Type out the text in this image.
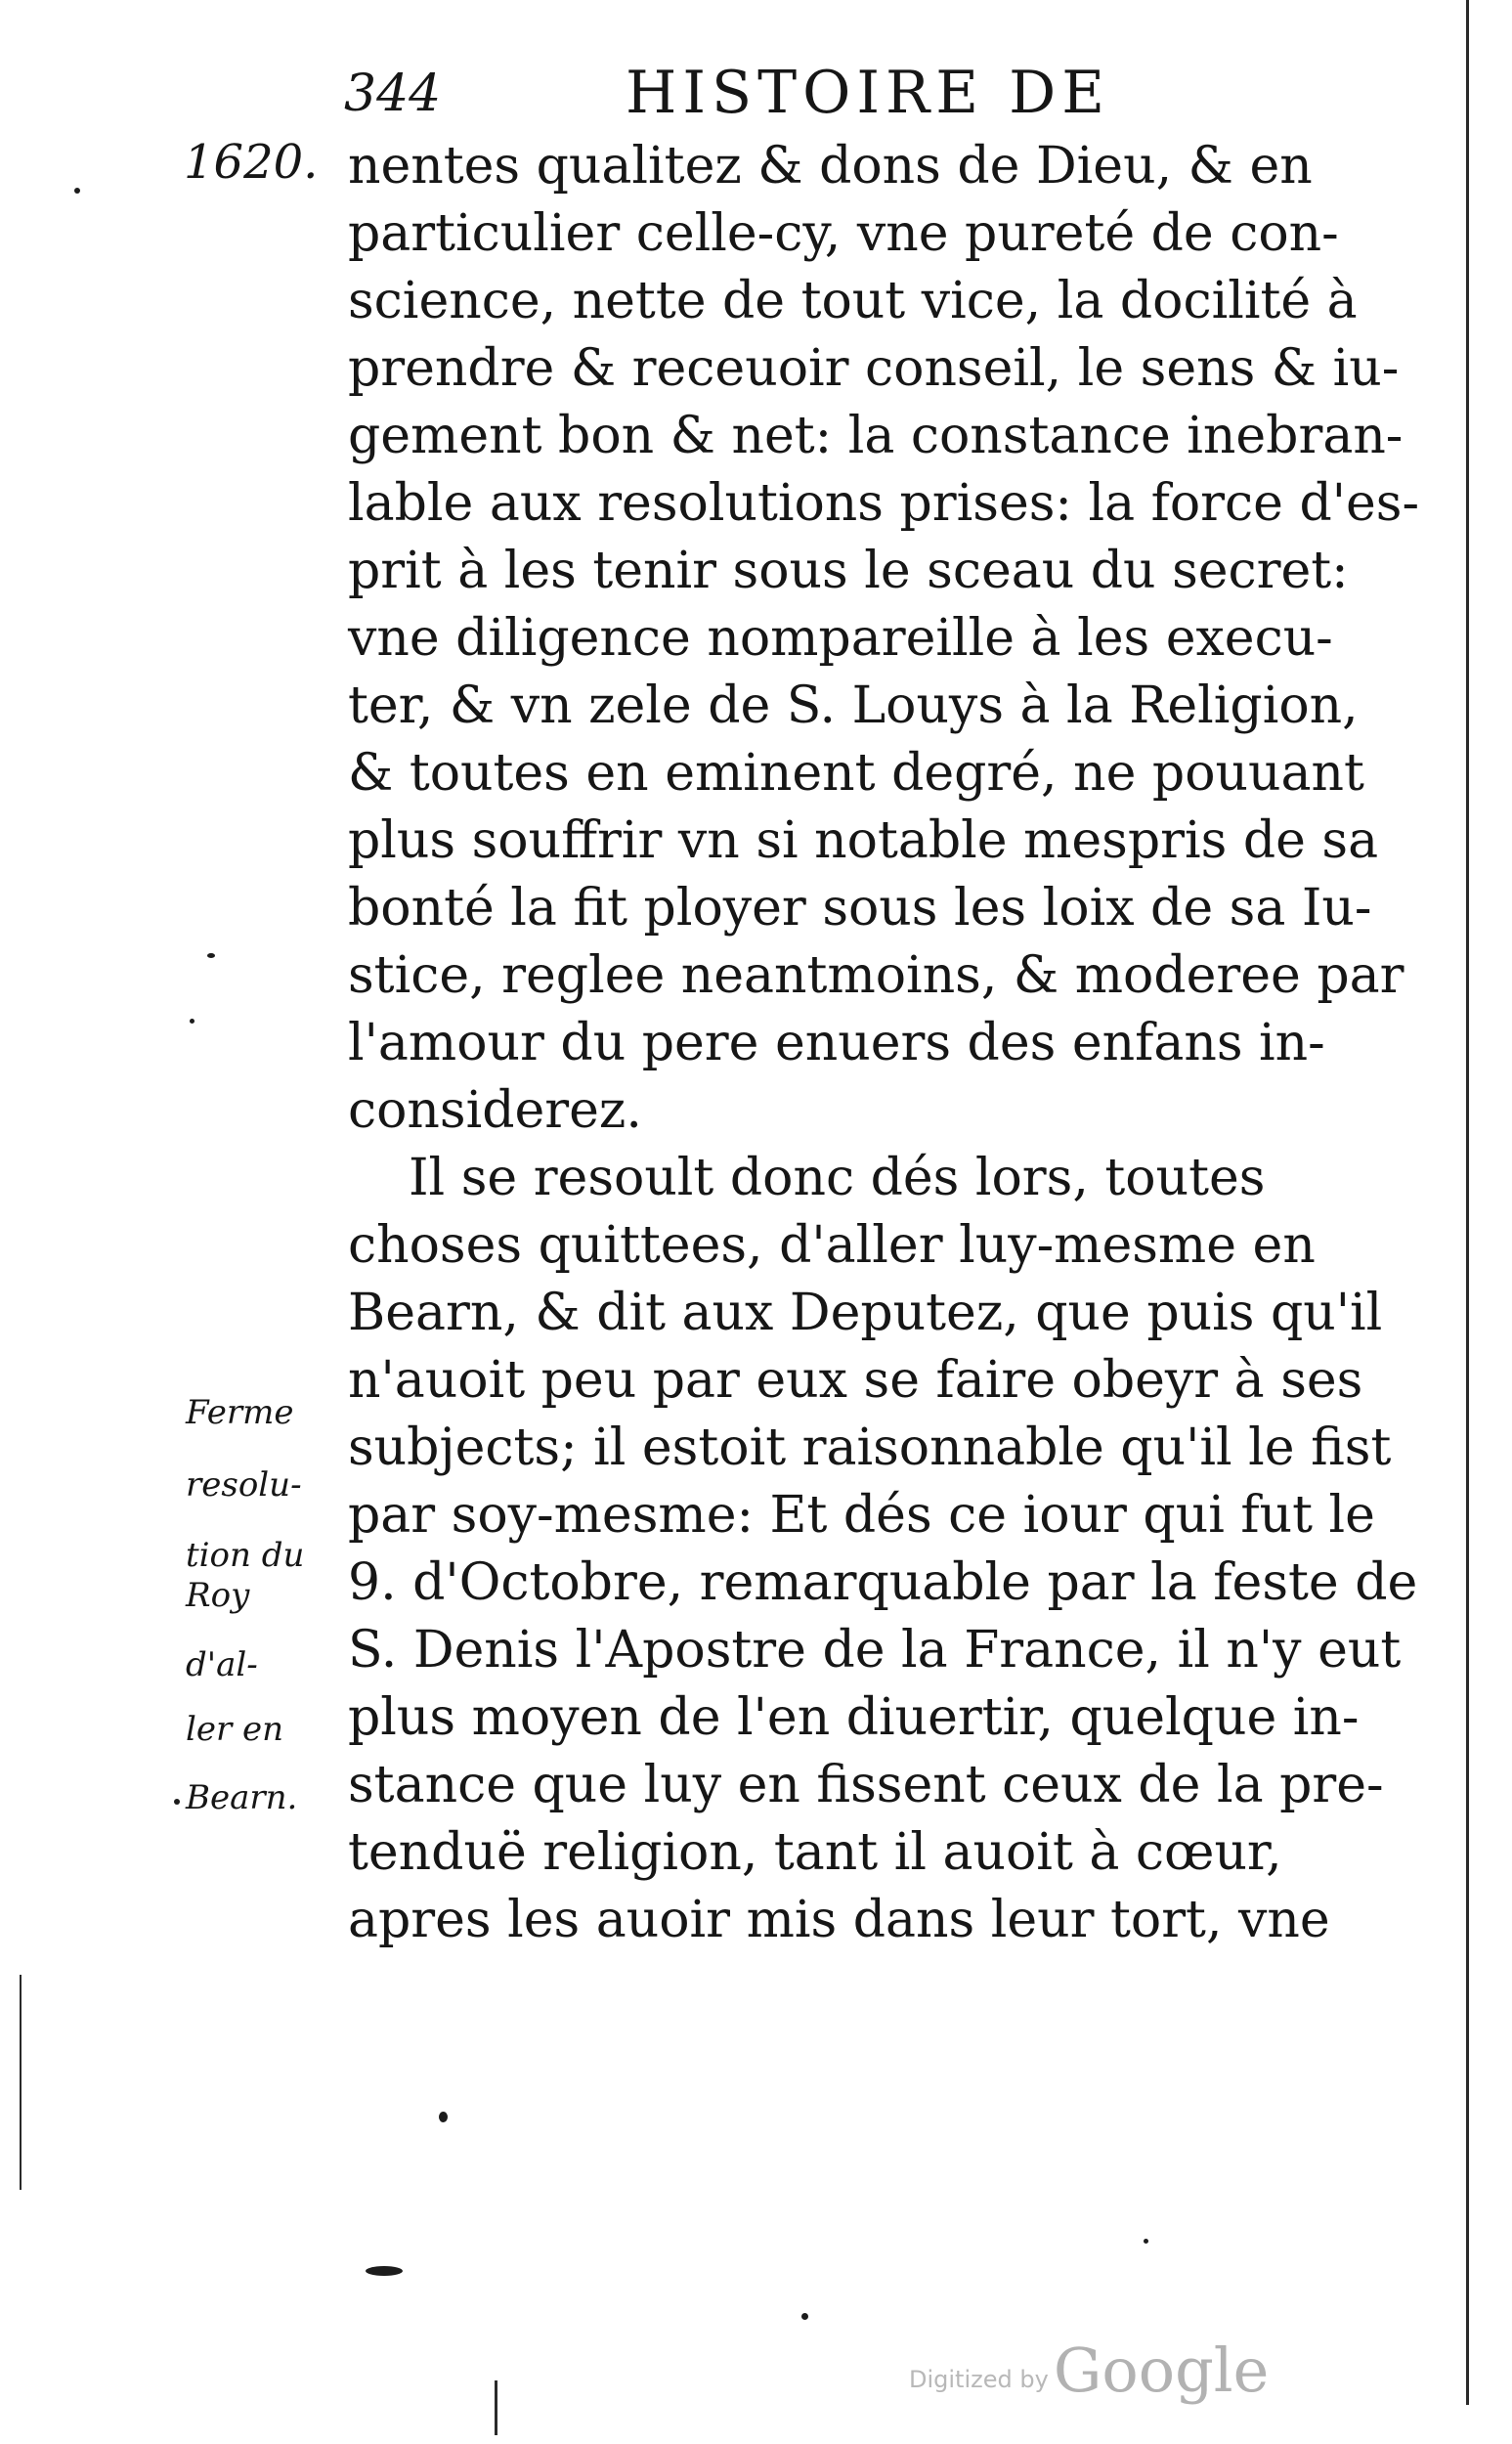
344	HISTOIRE DE
1620. nentes qualitez & dons de Dieu, & en
particulier celle-cy, vne pureté de con-
science, nette de tout vice, la docilité à
prendre & receuoir conseil, le sens & iu-
gement bon & net: la constance inebran-
lable aux resolutions prises: la force d'es-
prit à les tenir sous le sceau du secret:
vne diligence nompareille à les execu-
ter, & vn zele de S. Louys à la Religion,
& toutes en eminent degré, ne pouuant
plus souffrir vn si notable mespris de sa
bonté la fit ployer sous les loix de sa Iu-
stice, reglee neantmoins, & moderee par
l'amour du pere enuers des enfans in-
considerez.
Il se resoult donc dés lors, toutes
choses quittees, d'aller luy-mesme en
Bearn, & dit aux Deputez, que puis qu'il
n'auoit peu par eux se faire obeyr à ses
subjects; il estoit raisonnable qu'il le fist
par soy-mesme: Et dés ce iour qui fut le
9. d'Octobre, remarquable par la feste de
S. Denis l'Apostre de la France, il n'y eut
plus moyen de l'en diuertir, quelque in-
stance que luy en fissent ceux de la pre-
tenduë religion, tant il auoit à cœur,
apres les auoir mis dans leur tort, vne
Ferme
resolu-
tion du
Roy
d'al-
ler en
Bearn.
Digitized by Google
